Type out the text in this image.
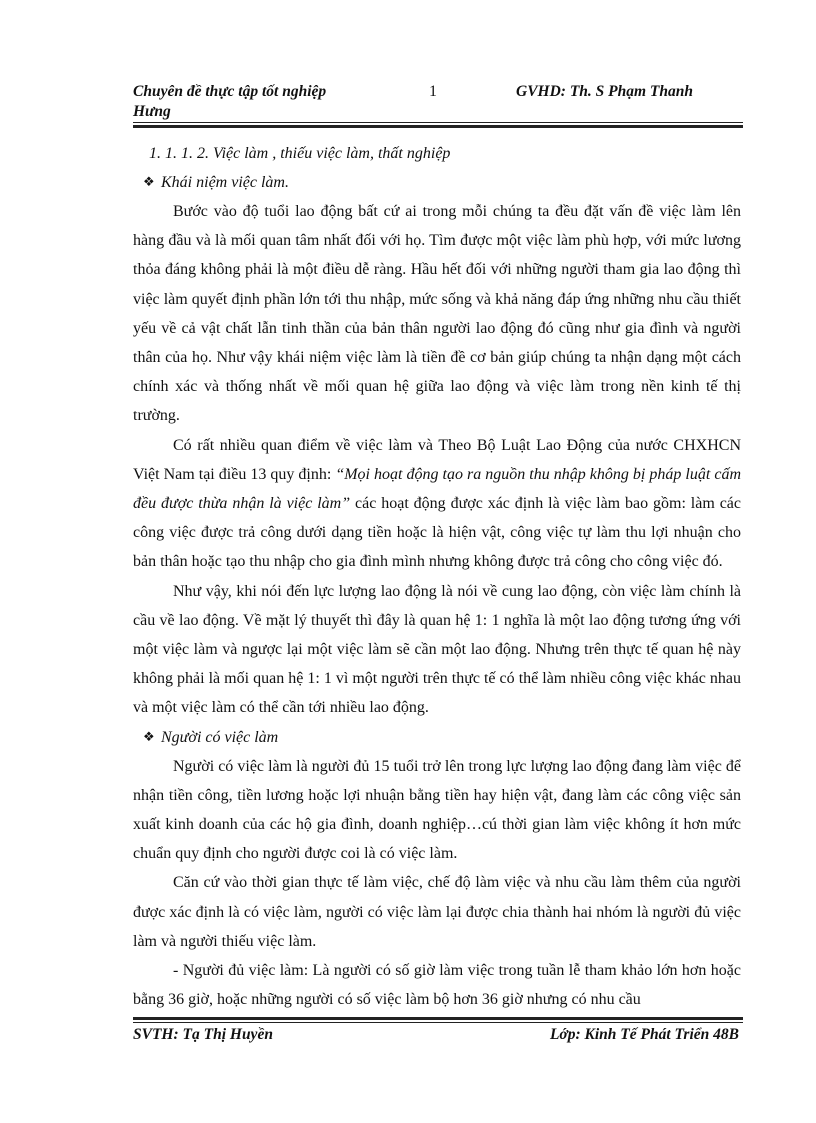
Chuyên đề thực tập tốt nghiệp
Hưng
1	GVHD: Th. S Phạm Thanh

1. 1. 1. 2. Việc làm , thiếu việc làm, thất nghiệp

❖ Khái niệm việc làm.

Bước vào độ tuổi lao động bất cứ ai trong mỗi chúng ta đều đặt vấn đề việc làm lên hàng đầu và là mối quan tâm nhất đối với họ. Tìm được một việc làm phù hợp, với mức lương thỏa đáng không phải là một điều dễ ràng. Hầu hết đối với những người tham gia lao động thì việc làm quyết định phần lớn tới thu nhập, mức sống và khả năng đáp ứng những nhu cầu thiết yếu về cả vật chất lẫn tinh thần của bản thân người lao động đó cũng như gia đình và người thân của họ. Như vậy khái niệm việc làm là tiền đề cơ bản giúp chúng ta nhận dạng một cách chính xác và thống nhất về mối quan hệ giữa lao động và việc làm trong nền kinh tế thị trường.

Có rất nhiều quan điểm về việc làm và Theo Bộ Luật Lao Động của nước CHXHCN Việt Nam tại điều 13 quy định: “Mọi hoạt động tạo ra nguồn thu nhập không bị pháp luật cấm đều được thừa nhận là việc làm” các hoạt động được xác định là việc làm bao gồm: làm các công việc được trả công dưới dạng tiền hoặc là hiện vật, công việc tự làm thu lợi nhuận cho bản thân hoặc tạo thu nhập cho gia đình mình nhưng không được trả công cho công việc đó.

Như vậy, khi nói đến lực lượng lao động là nói về cung lao động, còn việc làm chính là cầu về lao động. Về mặt lý thuyết thì đây là quan hệ 1: 1 nghĩa là một lao động tương ứng với một việc làm và ngược lại một việc làm sẽ cần một lao động. Nhưng trên thực tế quan hệ này không phải là mối quan hệ 1: 1 vì một người trên thực tế có thể làm nhiều công việc khác nhau và một việc làm có thể cần tới nhiều lao động.

❖ Người có việc làm

Người có việc làm là người đủ 15 tuổi trở lên trong lực lượng lao động đang làm việc để nhận tiền công, tiền lương hoặc lợi nhuận bằng tiền hay hiện vật, đang làm các công việc sản xuất kinh doanh của các hộ gia đình, doanh nghiệp…cú thời gian làm việc không ít hơn mức chuẩn quy định cho người được coi là có việc làm.

Căn cứ vào thời gian thực tế làm việc, chế độ làm việc và nhu cầu làm thêm của người được xác định là có việc làm, người có việc làm lại được chia thành hai nhóm là người đủ việc làm và người thiếu việc làm.

- Người đủ việc làm: Là người có số giờ làm việc trong tuần lễ tham khảo lớn hơn hoặc bằng 36 giờ, hoặc những người có số việc làm bộ hơn 36 giờ nhưng có nhu cầu

SVTH: Tạ Thị Huyền	Lớp: Kinh Tế Phát Triển 48B
